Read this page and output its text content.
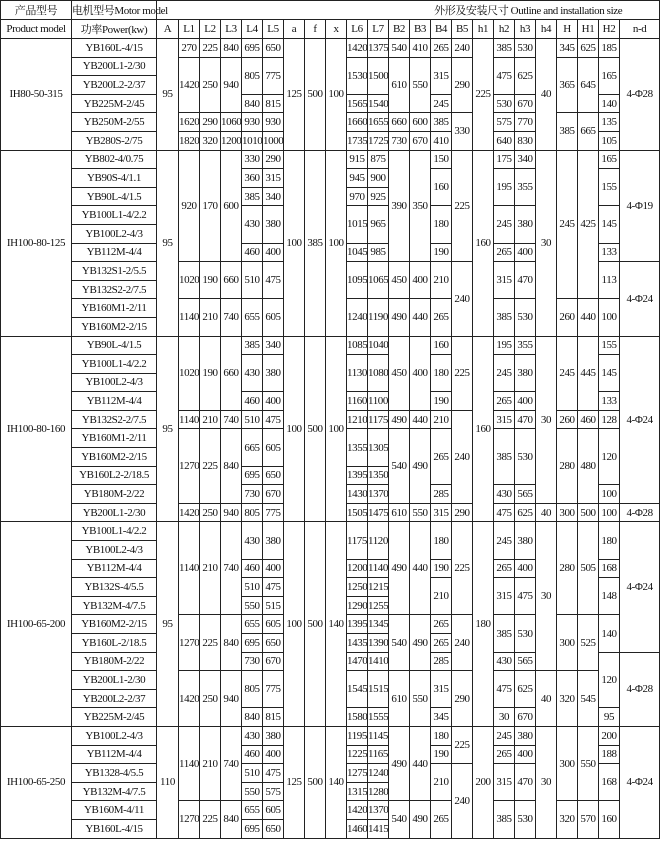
产品型号	电机型号Motor model	外形及安装尺寸 Outline and installation size																						
Product model	功率Power(kw)	A	L1	L2	L3	L4	L5	a	f	x	L6	L7	B2	B3	B4	B5	h1	h2	h3	h4	H	H1	H2	n-d
IH80-50-315	YB160L-4/15	95	270	225	840	695	650	125	500	100	1420	1375	540	410	265	240	225	385	530	40	345	625	185	4-Φ28
	YB200L1-2/30		1420	250	940	805	775				1530	1500	610	550	315	290		475	625		365	645	165	
	YB200L2-2/37																							
	YB225M-2/45					840	815				1565	1540			245			530	670				140	
	YB250M-2/55		1620	290	1060	930	930				1660	1655	660	600	385	330		575	770		385	665	135	
	YB280S-2/75		1820	320	1200	1010	1000				1735	1725	730	670	410			640	830				105	
IH100-80-125	YB802-4/0.75	95	920	170	600	330	290	100	385	100	915	875	390	350	150	225	160	175	340	30	245	425	165	4-Φ19
	YB90S-4/1.1					360	315				945	900			160			195	355				155	
	YB90L-4/1.5					385	340				970	925												
	YB100L1-4/2.2					430	380				1015	965			180			245	380				145	
	YB100L2-4/3																							
	YB112M-4/4					460	400				1045	985			190			265	400				133	
	YB132S1-2/5.5		1020	190	660	510	475				1095	1065	450	400	210	240		315	470				113	4-Φ24
	YB132S2-2/7.5																							
	YB160M1-2/11		1140	210	740	655	605				1240	1190	490	440	265			385	530		260	440	100	
	YB160M2-2/15																							
IH100-80-160	YB90L-4/1.5	95	1020	190	660	385	340	100	500	100	1085	1040	450	400	160	225	160	195	355	30	245	445	155	4-Φ24
	YB100L1-4/2.2					430	380				1130	1080			180			245	380				145	
	YB100L2-4/3																							
	YB112M-4/4					460	400				1160	1100			190			265	400				133	
	YB132S2-2/7.5		1140	210	740	510	475				1210	1175	490	440	210	240		315	470		260	460	128	
	YB160M1-2/11		1270	225	840	665	605				1355	1305	540	490	265			385	530		280	480	120	
	YB160M2-2/15																							
	YB160L2-2/18.5					695	650				1395	1350												
	YB180M-2/22					730	670				1430	1370			285			430	565				100	
	YB200L1-2/30		1420	250	940	805	775				1505	1475	610	550	315	290		475	625	40	300	500	100	4-Φ28
IH100-65-200	YB100L1-4/2.2	95	1140	210	740	430	380	100	500	140	1175	1120	490	440	180	225	180	245	380	30	280	505	180	4-Φ24
	YB100L2-4/3																							
	YB112M-4/4					460	400				1200	1140			190			265	400				168	
	YB132S-4/5.5					510	475				1250	1215			210			315	475				148	
	YB132M-4/7.5					550	515				1290	1255												
	YB160M2-2/15		1270	225	840	655	605				1395	1345	540	490	265	240		385	530		300	525	140	
	YB160L-2/18.5					695	650				1435	1390			265									
	YB180M-2/22					730	670				1470	1410			285			430	565				120	4-Φ28
	YB200L1-2/30		1420	250	940	805	775				1545	1515	610	550	315	290		475	625	40	320	545		
	YB200L2-2/37																							
	YB225M-2/45					840	815				1580	1555			345			30	670				95	
IH100-65-250	YB100L2-4/3	110	1140	210	740	430	380	125	500	140	1195	1145	490	440	180	225	200	245	380	30	300	550	200	4-Φ24
	YB112M-4/4					460	400				1225	1165			190			265	400				188	
	YB1328-4/5.5					510	475				1275	1240			210	240		315	470				168	
	YB132M-4/7.5					550	575				1315	1280												
	YB160M-4/11		1270	225	840	655	605				1420	1370	540	490	265			385	530		320	570	160	
	YB160L-4/15					695	650				1460	1415												
